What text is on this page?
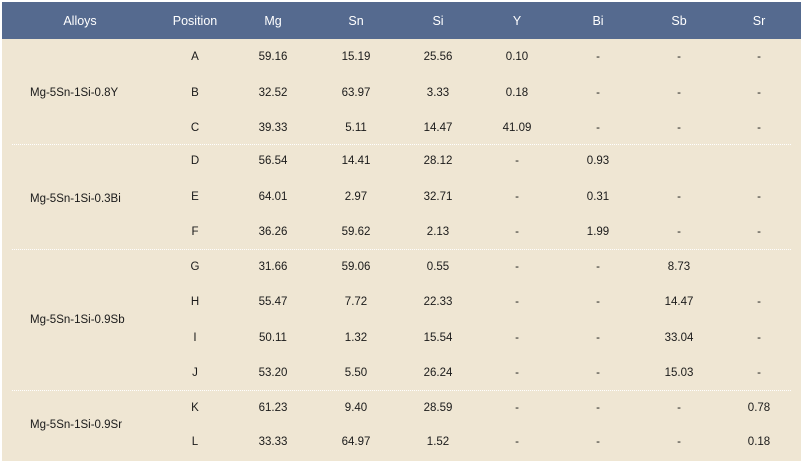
Alloys	Position	Mg	Sn	Si	Y	Bi	Sb	Sr
Mg-5Sn-1Si-0.8Y
A	59.16	15.19	25.56	0.10	-	-	-
B	32.52	63.97	3.33	0.18	-	-	-
C	39.33	5.11	14.47	41.09	-	-	-
Mg-5Sn-1Si-0.3Bi
D	56.54	14.41	28.12	-	0.93
E	64.01	2.97	32.71	-	0.31	-	-
F	36.26	59.62	2.13	-	1.99	-	-
Mg-5Sn-1Si-0.9Sb
G	31.66	59.06	0.55	-	-	8.73
H	55.47	7.72	22.33	-	-	14.47	-
I	50.11	1.32	15.54	-	-	33.04	-
J	53.20	5.50	26.24	-	-	15.03	-
Mg-5Sn-1Si-0.9Sr
K	61.23	9.40	28.59	-	-	-	0.78
L	33.33	64.97	1.52	-	-	-	0.18
